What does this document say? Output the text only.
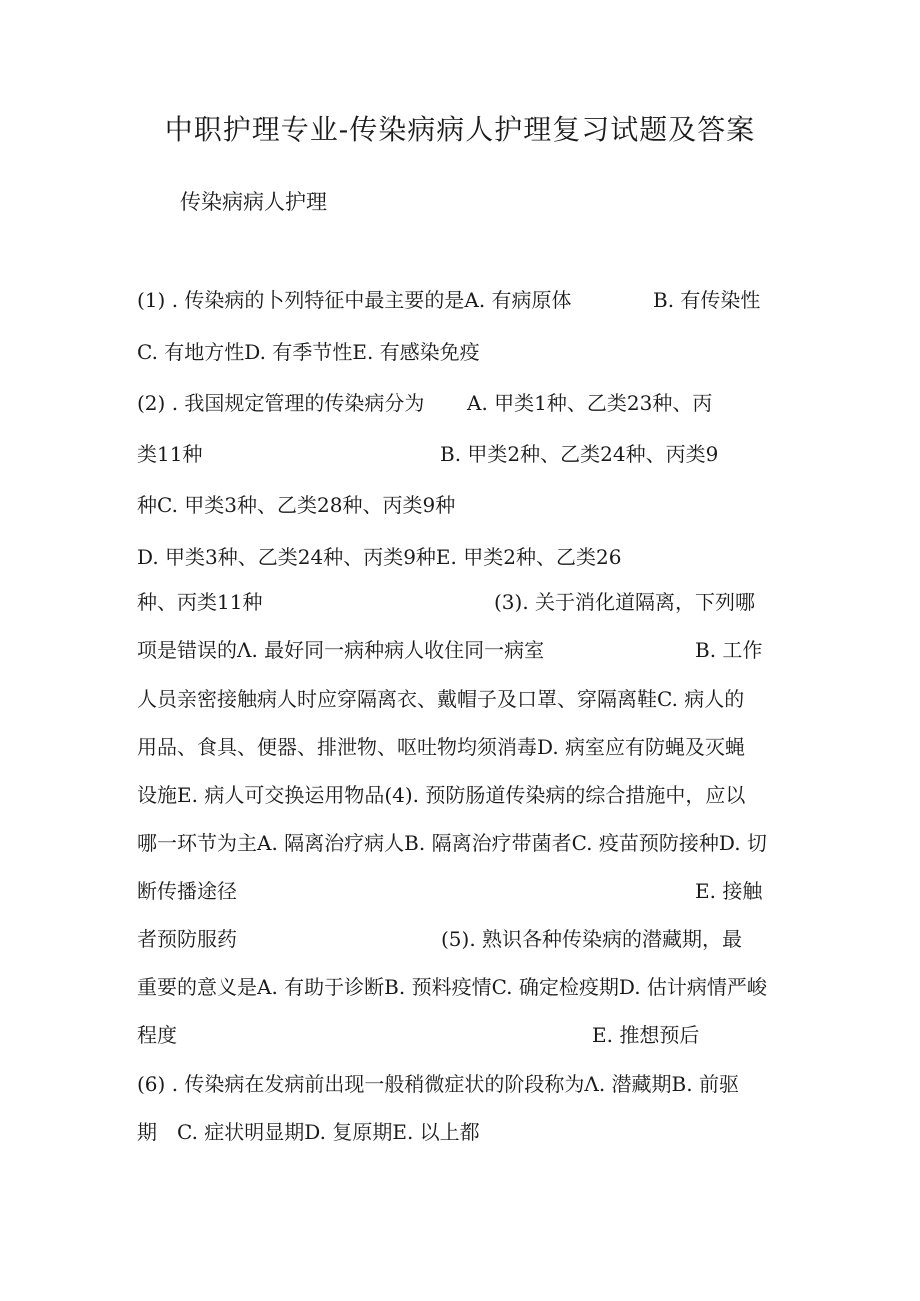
中职护理专业-传染病病人护理复习试题及答案
传染病病人护理
(1) . 传染病的卜列特征中最主要的是A. 有病原体	B. 有传染性
C. 有地方性D. 有季节性E. 有感染免疫
(2) . 我国规定管理的传染病分为 A. 甲类1种、乙类23种、丙
类11种	B. 甲类2种、乙类24种、丙类9
种C. 甲类3种、乙类28种、丙类9种
D. 甲类3种、乙类24种、丙类9种E. 甲类2种、乙类26
种、丙类11种	(3). 关于消化道隔离，下列哪
项是错误的Λ. 最好同一病种病人收住同一病室	B. 工作
人员亲密接触病人时应穿隔离衣、戴帽子及口罩、穿隔离鞋C. 病人的
用品、食具、便器、排泄物、呕吐物均须消毒D. 病室应有防蝇及灭蝇
设施E. 病人可交换运用物品(4). 预防肠道传染病的综合措施中，应以
哪一环节为主A. 隔离治疗病人B. 隔离治疗带菌者C. 疫苗预防接种D. 切
断传播途径	E. 接触
者预防服药	(5). 熟识各种传染病的潜藏期，最
重要的意义是A. 有助于诊断B. 预料疫情C. 确定检疫期D. 估计病情严峻
程度	E. 推想预后
(6) . 传染病在发病前出现一般稍微症状的阶段称为Λ. 潜藏期B. 前驱
期 C. 症状明显期D. 复原期E. 以上都
